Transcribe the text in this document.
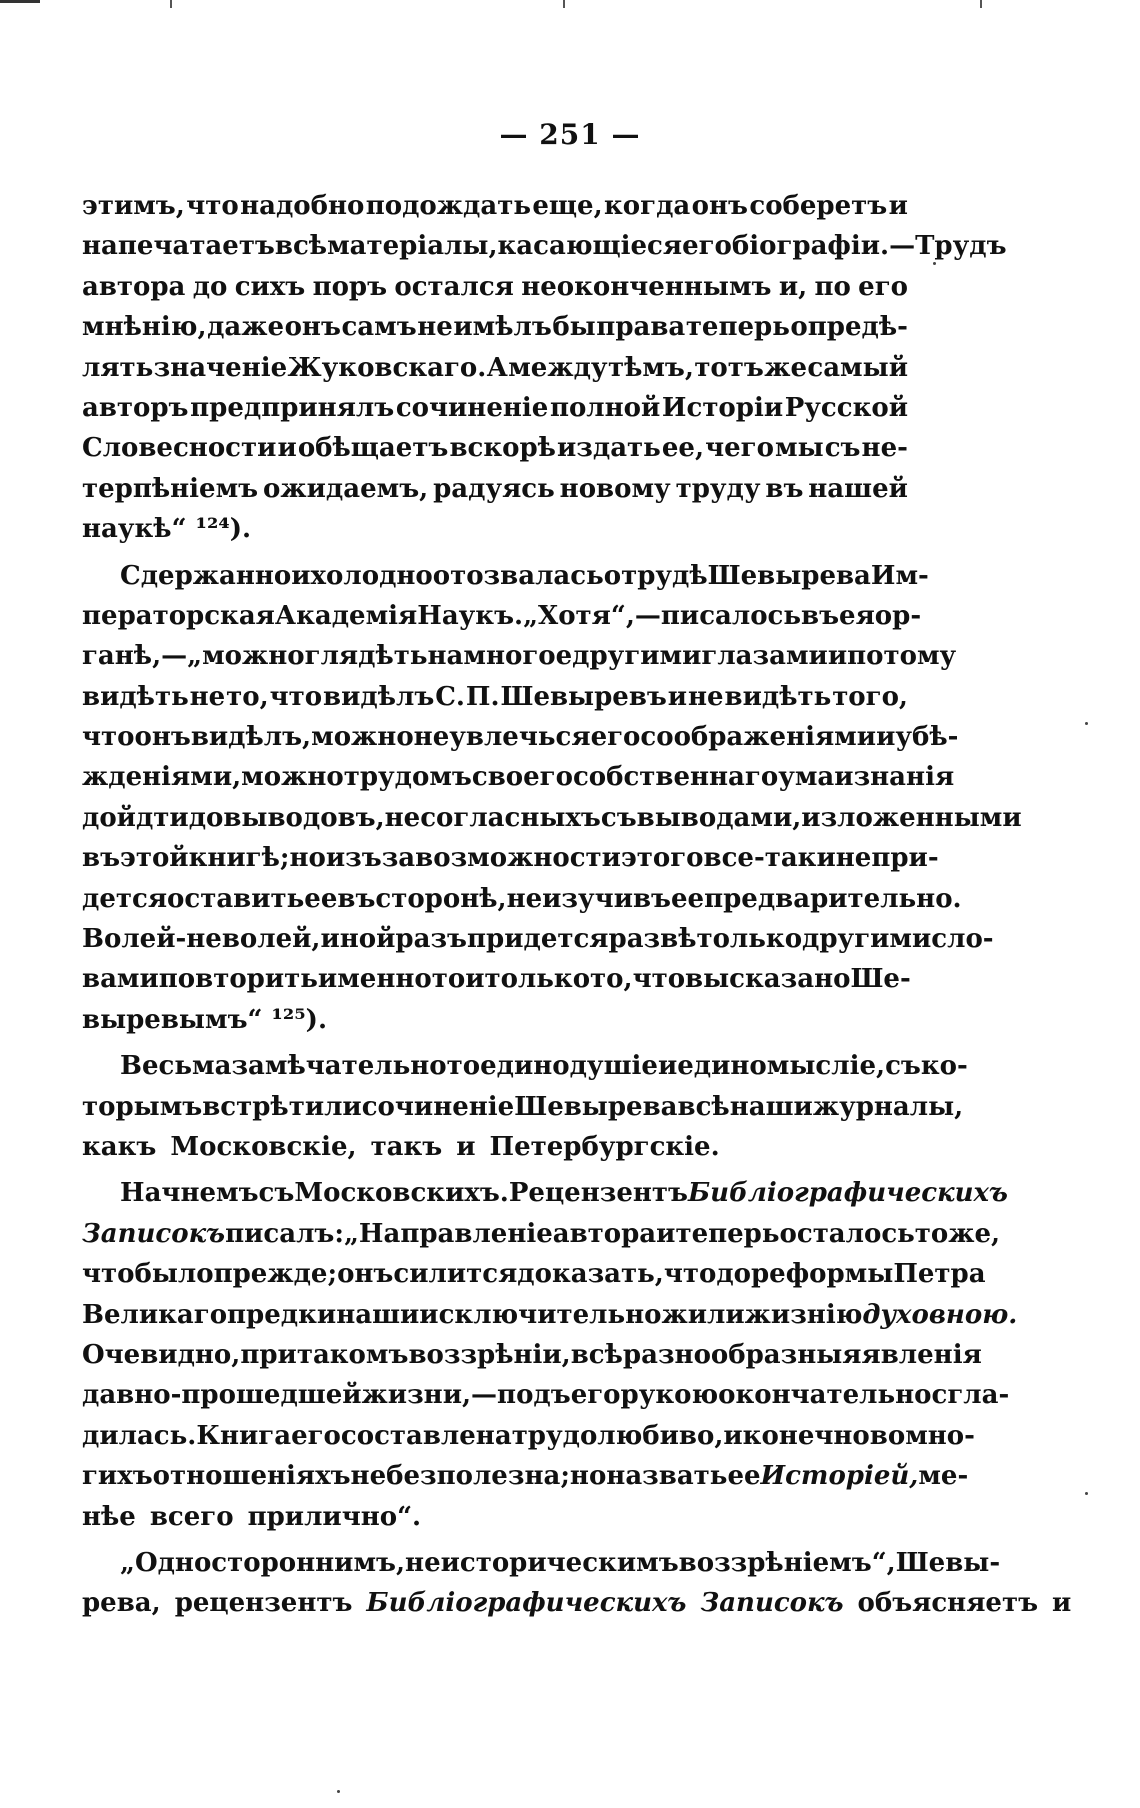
— 251 —
этимъ, что надобно подождать еще, когда онъ соберетъ и
напечатаетъ всѣ матеріалы, касающіеся его біографіи.—Трудъ
автора до сихъ поръ остался неоконченнымъ и, по его
мнѣнію, даже онъ самъ не имѣлъ бы права теперь опредѣ-
лять значеніе Жуковскаго. А между тѣмъ, тотъ же самый
авторъ предпринялъ сочиненіе полной Исторіи Русской
Словесности и обѣщаетъ вскорѣ издать ее, чего мы съ не-
терпѣніемъ ожидаемъ, радуясь новому труду въ нашей
наукѣ“ ¹²⁴).
Сдержанно и холодно отозвалась о трудѣ Шевырева Им-
ператорская Академія Наукъ. „Хотя“,—писалось въ ея ор-
ганѣ,—„можно глядѣть на многое другими глазами и потому
видѣть не то, что видѣлъ С. П. Шевыревъ и не видѣть того,
что онъ видѣлъ, можно не увлечься его соображеніями и убѣ-
жденіями, можно трудомъ своего собственнаго ума и знанія
дойдти до выводовъ, несогласныхъ съ выводами, изложенными
въ этой книгѣ; но изъ за возможности этого все-таки не при-
дется оставить ее въ сторонѣ, не изучивъ ее предварительно.
Волей-неволей, иной разъ придется развѣ только другими сло-
вами повторить именно то и только то, что высказано Ше-
выревымъ“ ¹²⁵).
Весьма замѣчательно то единодушіе и единомысліе, съ ко-
торымъ встрѣтили сочиненіе Шевырева всѣ наши журналы,
какъ Московскіе, такъ и Петербургскіе.
Начнемъ съ Московскихъ. Рецензентъ Библіографическихъ
Записокъ писалъ: „Направленіе автора и теперь осталось тоже,
что было прежде; онъ силится доказать, что до реформы Петра
Великаго предки наши исключительно жили жизнію духовною.
Очевидно, при такомъ воззрѣніи, всѣ разнообразныя явленія
давно-прошедшей жизни,—подъ его рукою окончательно сгла-
дилась. Книга его составлена трудолюбиво, и конечно во мно-
гихъ отношеніяхъ не безполезна; но назвать ее Исторіей, ме-
нѣе всего прилично“.
„Одностороннимъ, неисторическимъ воззрѣніемъ“, Шевы-
рева, рецензентъ Библіографическихъ Записокъ объясняетъ и
